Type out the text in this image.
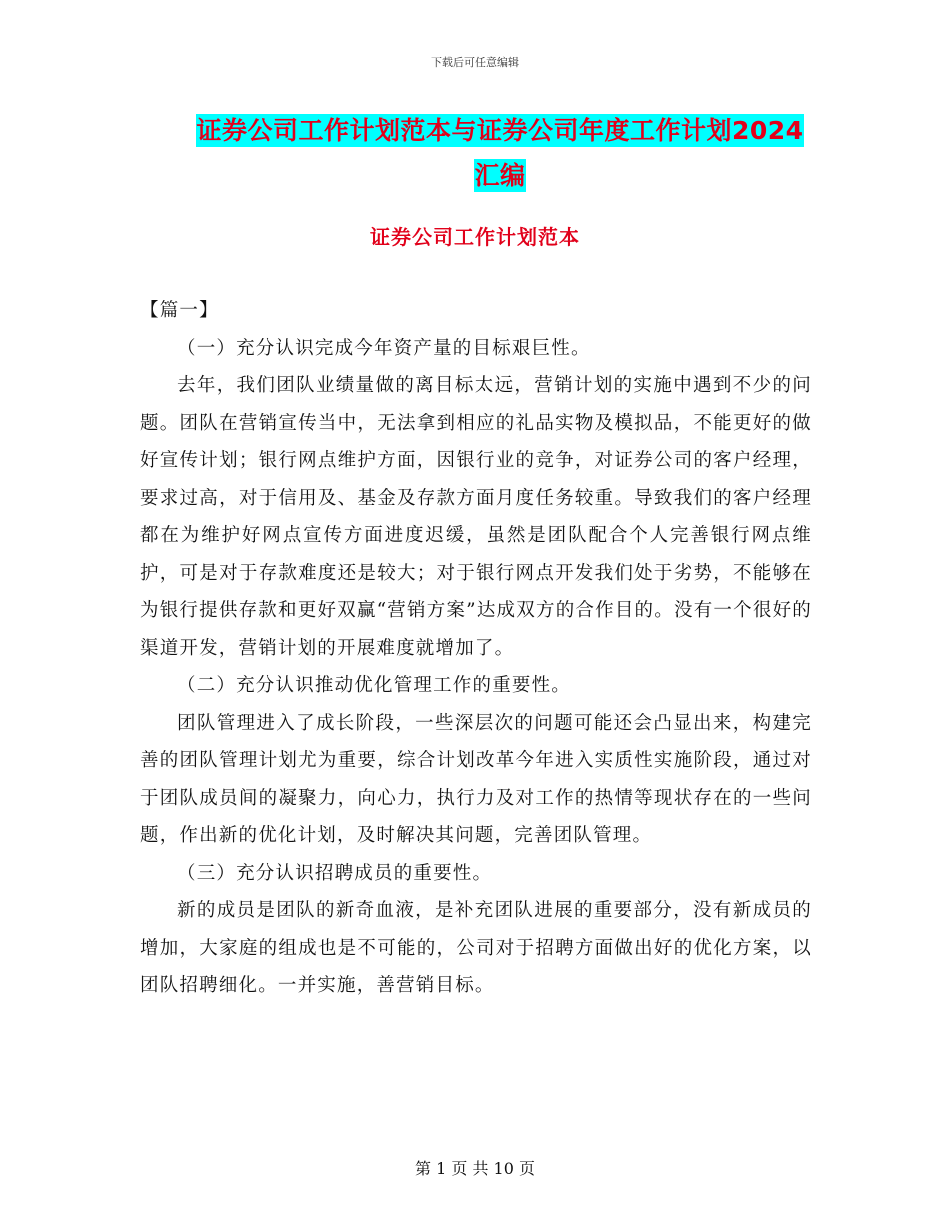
下载后可任意编辑
证券公司工作计划范本与证券公司年度工作计划2024汇编
证券公司工作计划范本

【篇一】

（一）充分认识完成今年资产量的目标艰巨性。

去年，我们团队业绩量做的离目标太远，营销计划的实施中遇到不少的问题。团队在营销宣传当中，无法拿到相应的礼品实物及模拟品，不能更好的做好宣传计划；银行网点维护方面，因银行业的竞争，对证券公司的客户经理，要求过高，对于信用及、基金及存款方面月度任务较重。导致我们的客户经理都在为维护好网点宣传方面进度迟缓，虽然是团队配合个人完善银行网点维护，可是对于存款难度还是较大；对于银行网点开发我们处于劣势，不能够在为银行提供存款和更好双赢“营销方案”达成双方的合作目的。没有一个很好的渠道开发，营销计划的开展难度就增加了。

（二）充分认识推动优化管理工作的重要性。

团队管理进入了成长阶段，一些深层次的问题可能还会凸显出来，构建完善的团队管理计划尤为重要，综合计划改革今年进入实质性实施阶段，通过对于团队成员间的凝聚力，向心力，执行力及对工作的热情等现状存在的一些问题，作出新的优化计划，及时解决其问题，完善团队管理。

（三）充分认识招聘成员的重要性。

新的成员是团队的新奇血液，是补充团队进展的重要部分，没有新成员的增加，大家庭的组成也是不可能的，公司对于招聘方面做出好的优化方案，以团队招聘细化。一并实施，善营销目标。

第 1 页 共 10 页
